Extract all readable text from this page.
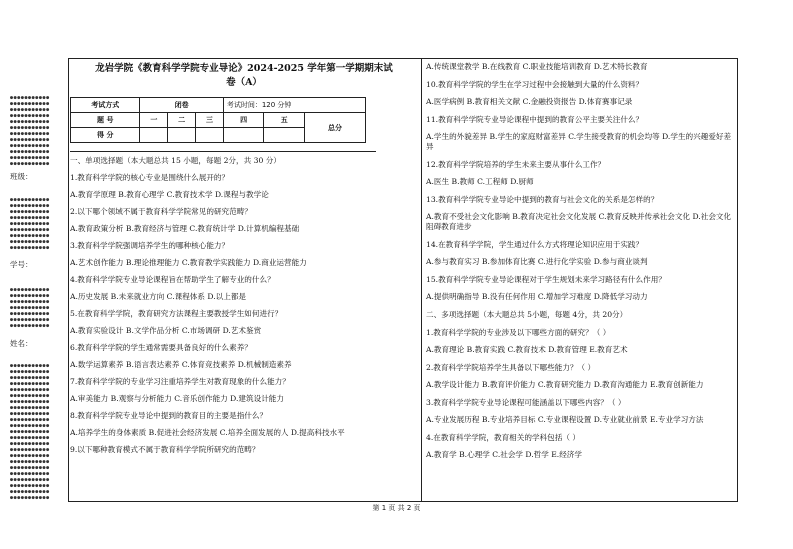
●●●●●●●●●●●
●●●●●●●●●●●
●●●●●●●●●●●
●●●●●●●●●●●
●●●●●●●●●●●
●●●●●●●●●●●
●●●●●●●●●●●
●●●●●●●●●●●
●●●●●●●●●●●
●●●●●●●●●●●
●●●●●●●●●●●
●●●●●●●●●●●
班级：
●●●●●●●●●●●
●●●●●●●●●●●
●●●●●●●●●●●
●●●●●●●●●●●
●●●●●●●●●●●
●●●●●●●●●●●
●●●●●●●●●●●
●●●●●●●●●●●
●●●●●●●●●●●
学号：
●●●●●●●●●●●
●●●●●●●●●●●
●●●●●●●●●●●
●●●●●●●●●●●
●●●●●●●●●●●
●●●●●●●●●●●
●●●●●●●●●●●
姓名：
●●●●●●●●●●●
●●●●●●●●●●●
●●●●●●●●●●●
●●●●●●●●●●●
●●●●●●●●●●●
●●●●●●●●●●●
●●●●●●●●●●●
●●●●●●●●●●●
●●●●●●●●●●●
●●●●●●●●●●●
●●●●●●●●●●●
●●●●●●●●●●●
●●●●●●●●●●●
●●●●●●●●●●●
●●●●●●●●●●●
●●●●●●●●●●●
●●●●●●●●●●●
●●●●●●●●●●●
●●●●●●●●●●●
●●●●●●●●●●●
●●●●●●●●●●●
●●●●●●●●●●●
●●●●●●●●●●●
龙岩学院《教育科学学院专业导论》2024-2025 学年第一学期期末试
卷（A）
考试方式	闭卷			考试时间：120 分钟		
题 号	一	二	三	四	五	总分
得 分						
一、单项选择题（本大题总共 15 小题，每题 2分，共 30 分）
1.教育科学学院的核心专业是围绕什么展开的？
A.教育学原理 B.教育心理学 C.教育技术学 D.课程与教学论
2.以下哪个领域不属于教育科学学院常见的研究范畴？
A.教育政策分析 B.教育经济与管理 C.教育统计学 D.计算机编程基础
3.教育科学学院强调培养学生的哪种核心能力？
A.艺术创作能力 B.理论推理能力 C.教育教学实践能力 D.商业运营能力
4.教育科学学院专业导论课程旨在帮助学生了解专业的什么？
A.历史发展 B.未来就业方向 C.课程体系 D.以上都是
5.在教育科学学院，教育研究方法课程主要教授学生如何进行？
A.教育实验设计 B.文学作品分析 C.市场调研 D.艺术鉴赏
6.教育科学学院的学生通常需要具备良好的什么素养？
A.数学运算素养 B.语言表达素养 C.体育竞技素养 D.机械制造素养
7.教育科学学院的专业学习注重培养学生对教育现象的什么能力？
A.审美能力 B.观察与分析能力 C.音乐创作能力 D.建筑设计能力
8.教育科学学院专业导论中提到的教育目的主要是指什么？
A.培养学生的身体素质 B.促进社会经济发展 C.培养全面发展的人 D.提高科技水平
9.以下哪种教育模式不属于教育科学学院所研究的范畴？
A.传统课堂教学 B.在线教育 C.职业技能培训教育 D.艺术特长教育
10.教育科学学院的学生在学习过程中会接触到大量的什么资料？
A.医学病例 B.教育相关文献 C.金融投资报告 D.体育赛事记录
11.教育科学学院专业导论课程中提到的教育公平主要关注什么？
A.学生的外貌差异 B.学生的家庭财富差异 C.学生接受教育的机会均等 D.学生的兴趣爱好差异
12.教育科学学院培养的学生未来主要从事什么工作？
A.医生 B.教师 C.工程师 D.厨师
13.教育科学学院专业导论中提到的教育与社会文化的关系是怎样的？
A.教育不受社会文化影响 B.教育决定社会文化发展 C.教育反映并传承社会文化 D.社会文化阻碍教育进步
14.在教育科学学院，学生通过什么方式将理论知识应用于实践？
A.参与教育实习 B.参加体育比赛 C.进行化学实验 D.参与商业谈判
15.教育科学学院专业导论课程对于学生规划未来学习路径有什么作用？
A.提供明确指导 B.没有任何作用 C.增加学习难度 D.降低学习动力
二、多项选择题（本大题总共 5小题，每题 4分，共 20分）
1.教育科学学院的专业涉及以下哪些方面的研究？（ ）
A.教育理论 B.教育实践 C.教育技术 D.教育管理 E.教育艺术
2.教育科学学院培养学生具备以下哪些能力？（ ）
A.教学设计能力 B.教育评价能力 C.教育研究能力 D.教育沟通能力 E.教育创新能力
3.教育科学学院专业导论课程可能涵盖以下哪些内容？（ ）
A.专业发展历程 B.专业培养目标 C.专业课程设置 D.专业就业前景 E.专业学习方法
4.在教育科学学院，教育相关的学科包括（ ）
A.教育学 B.心理学 C.社会学 D.哲学 E.经济学
第 1 页 共 2 页
